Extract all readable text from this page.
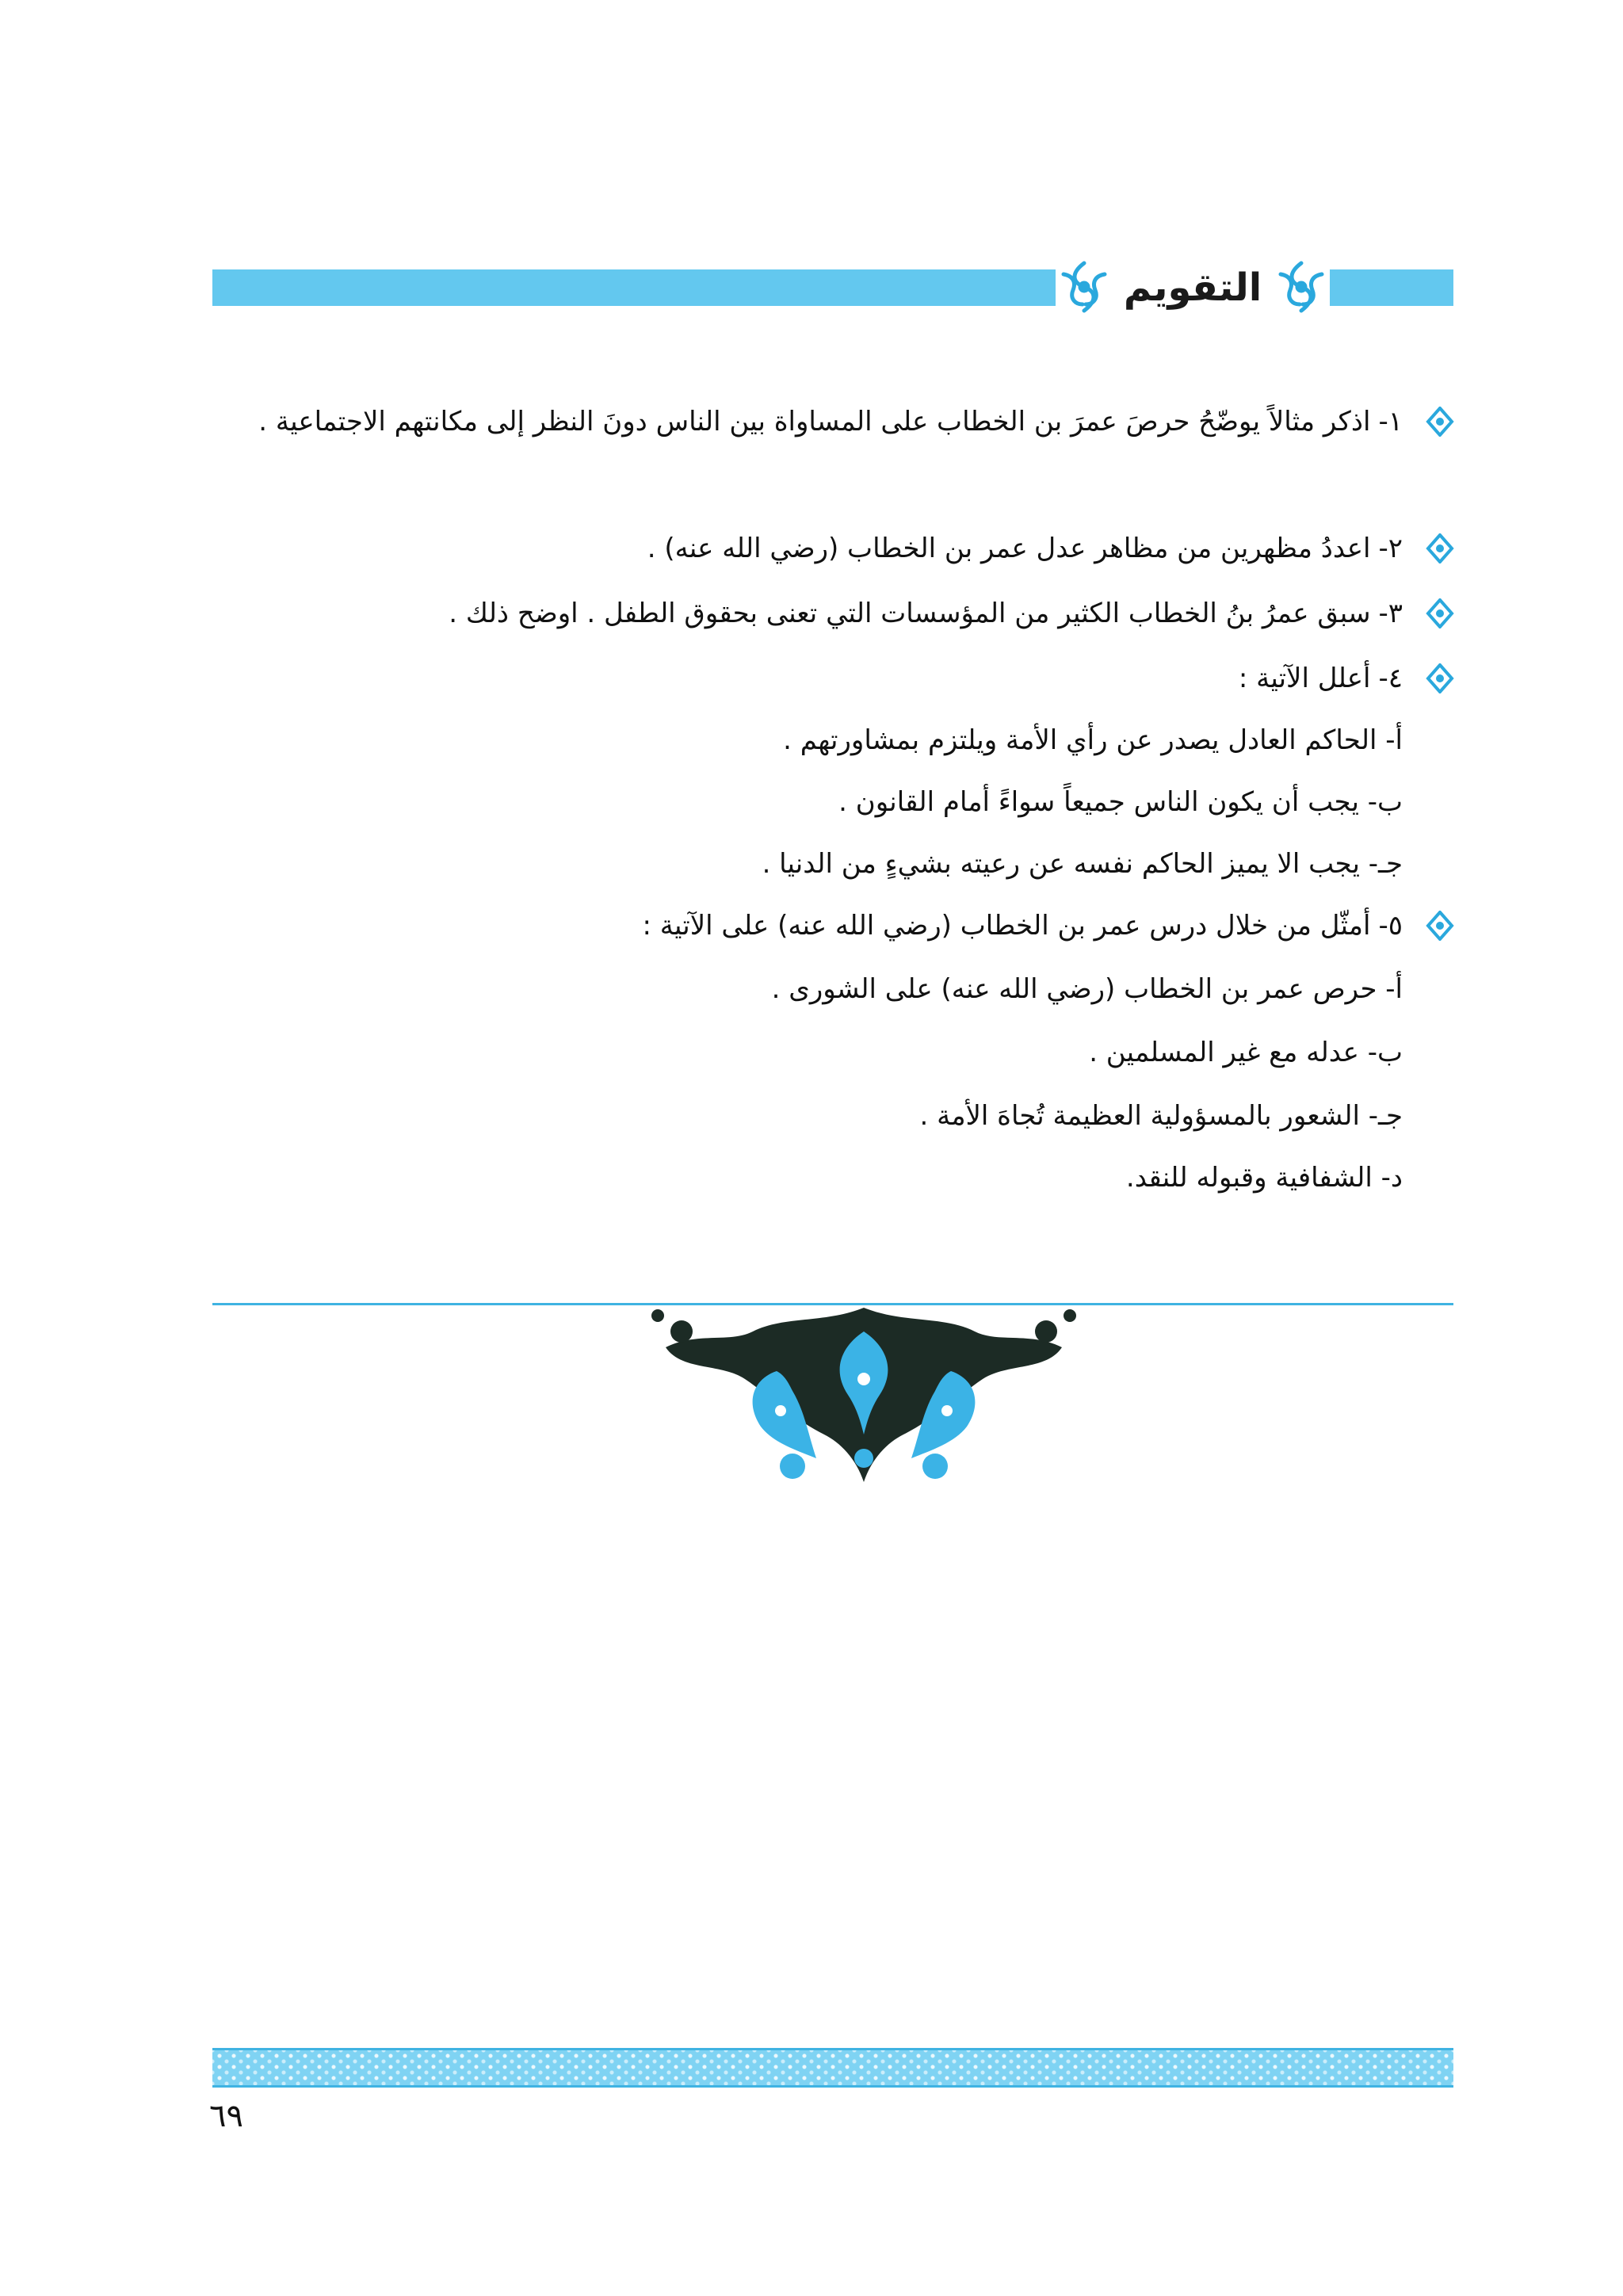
التقويم
١-اذكر مثالاً يوضّحُ حرصَ عمرَ بن الخطاب على المساواة بين الناس دونَ النظر إلى مكانتهم الاجتماعية .
٢-اعددُ مظهرين من مظاهر عدل عمر بن الخطاب (رضي الله عنه) .
٣-سبق عمرُ بنُ الخطاب الكثير من المؤسسات التي تعنى بحقوق الطفل . اوضح ذلك .
٤-أعلل الآتية :
أ- الحاكم العادل يصدر عن رأي الأمة ويلتزم بمشاورتهم .
ب- يجب أن يكون الناس جميعاً سواءً أمام القانون .
جـ- يجب الا يميز الحاكم نفسه عن رعيته بشيءٍ من الدنيا .
٥-أمثّل من خلال درس عمر بن الخطاب (رضي الله عنه) على الآتية :
أ- حرص عمر بن الخطاب (رضي الله عنه) على الشورى .
ب- عدله مع غير المسلمين .
جـ- الشعور بالمسؤولية العظيمة تُجاهَ الأمة .
د- الشفافية وقبوله للنقد.
٦٩
